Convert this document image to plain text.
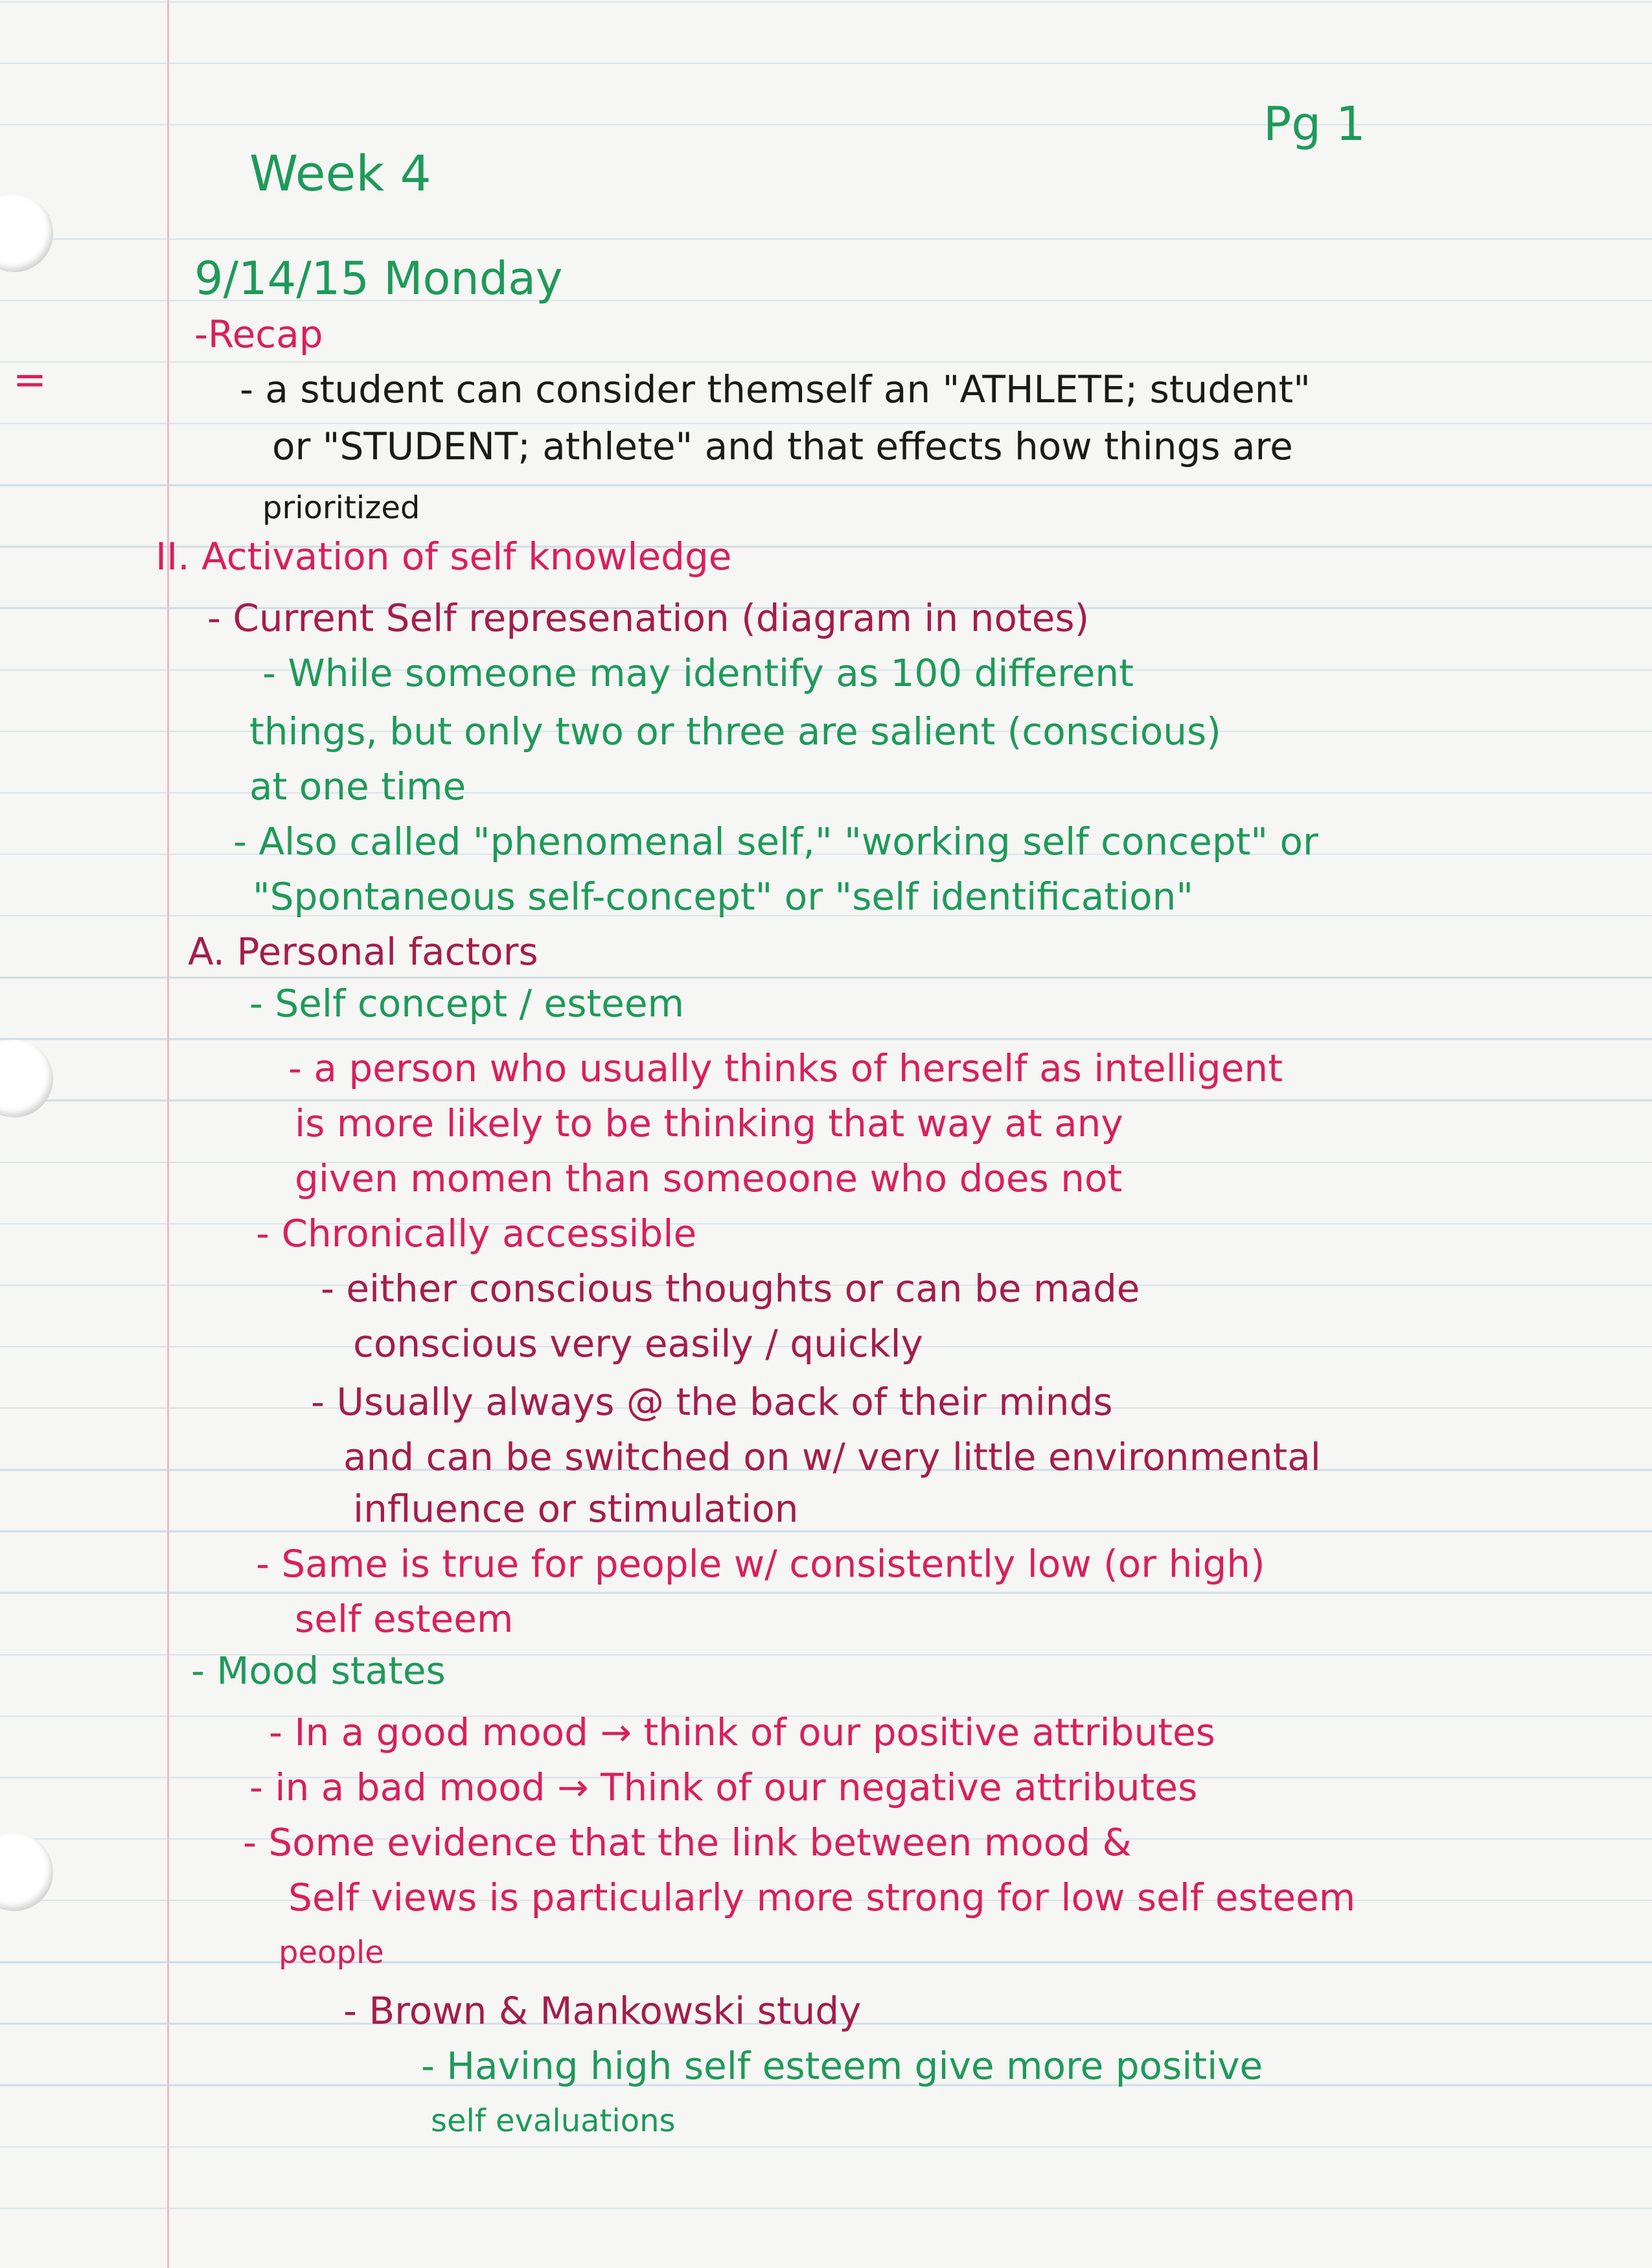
Pg 1
Week 4
9/14/15 Monday
=
-Recap
- a student can consider themself an "ATHLETE; student"
or "STUDENT; athlete" and that effects how things are
prioritized
II. Activation of self knowledge
- Current Self represenation (diagram in notes)
- While someone may identify as 100 different
things, but only two or three are salient (conscious)
at one time
- Also called "phenomenal self," "working self concept" or
"Spontaneous self-concept" or "self identification"
A. Personal factors
- Self concept / esteem
- a person who usually thinks of herself as intelligent
is more likely to be thinking that way at any
given momen than someoone who does not
- Chronically accessible
- either conscious thoughts or can be made
conscious very easily / quickly
- Usually always @ the back of their minds
and can be switched on w/ very little environmental
influence or stimulation
- Same is true for people w/ consistently low (or high)
self esteem
- Mood states
- In a good mood → think of our positive attributes
- in a bad mood → Think of our negative attributes
- Some evidence that the link between mood &
Self views is particularly more strong for low self esteem
people
- Brown & Mankowski study
- Having high self esteem give more positive
self evaluations
